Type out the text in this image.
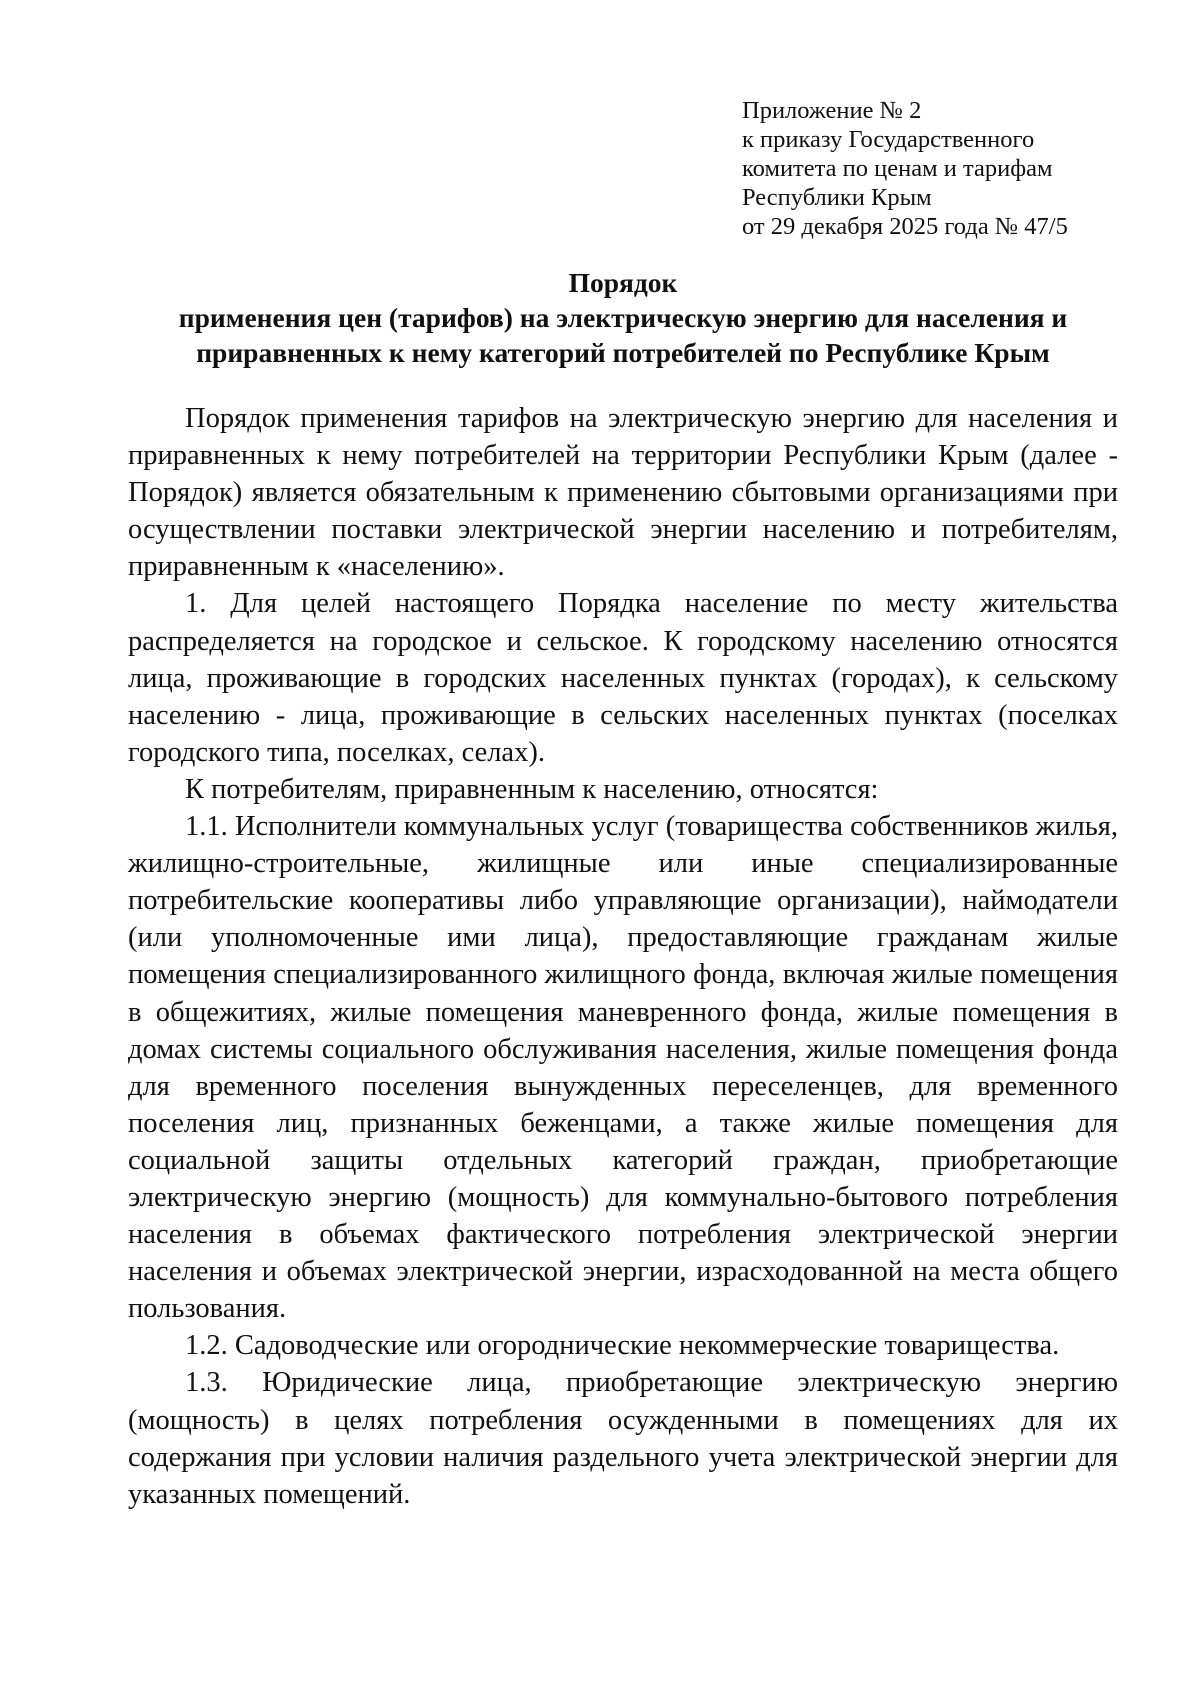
Приложение № 2
к приказу Государственного
комитета по ценам и тарифам
Республики Крым
от 29 декабря 2025 года № 47/5
Порядок
применения цен (тарифов) на электрическую энергию для населения и
приравненных к нему категорий потребителей по Республике Крым

Порядок применения тарифов на электрическую энергию для населения и приравненных к нему потребителей на территории Республики Крым (далее - Порядок) является обязательным к применению сбытовыми организациями при осуществлении поставки электрической энергии населению и потребителям, приравненным к «населению».

1. Для целей настоящего Порядка население по месту жительства распределяется на городское и сельское. К городскому населению относятся лица, проживающие в городских населенных пунктах (городах), к сельскому населению - лица, проживающие в сельских населенных пунктах (поселках городского типа, поселках, селах).

К потребителям, приравненным к населению, относятся:

1.1. Исполнители коммунальных услуг (товарищества собственников жилья, жилищно-строительные, жилищные или иные специализированные потребительские кооперативы либо управляющие организации), наймодатели (или уполномоченные ими лица), предоставляющие гражданам жилые помещения специализированного жилищного фонда, включая жилые помещения в общежитиях, жилые помещения маневренного фонда, жилые помещения в домах системы социального обслуживания населения, жилые помещения фонда для временного поселения вынужденных переселенцев, для временного поселения лиц, признанных беженцами, а также жилые помещения для социальной защиты отдельных категорий граждан, приобретающие электрическую энергию (мощность) для коммунально-бытового потребления населения в объемах фактического потребления электрической энергии населения и объемах электрической энергии, израсходованной на места общего пользования.

1.2. Садоводческие или огороднические некоммерческие товарищества.

1.3. Юридические лица, приобретающие электрическую энергию (мощность) в целях потребления осужденными в помещениях для их содержания при условии наличия раздельного учета электрической энергии для указанных помещений.
